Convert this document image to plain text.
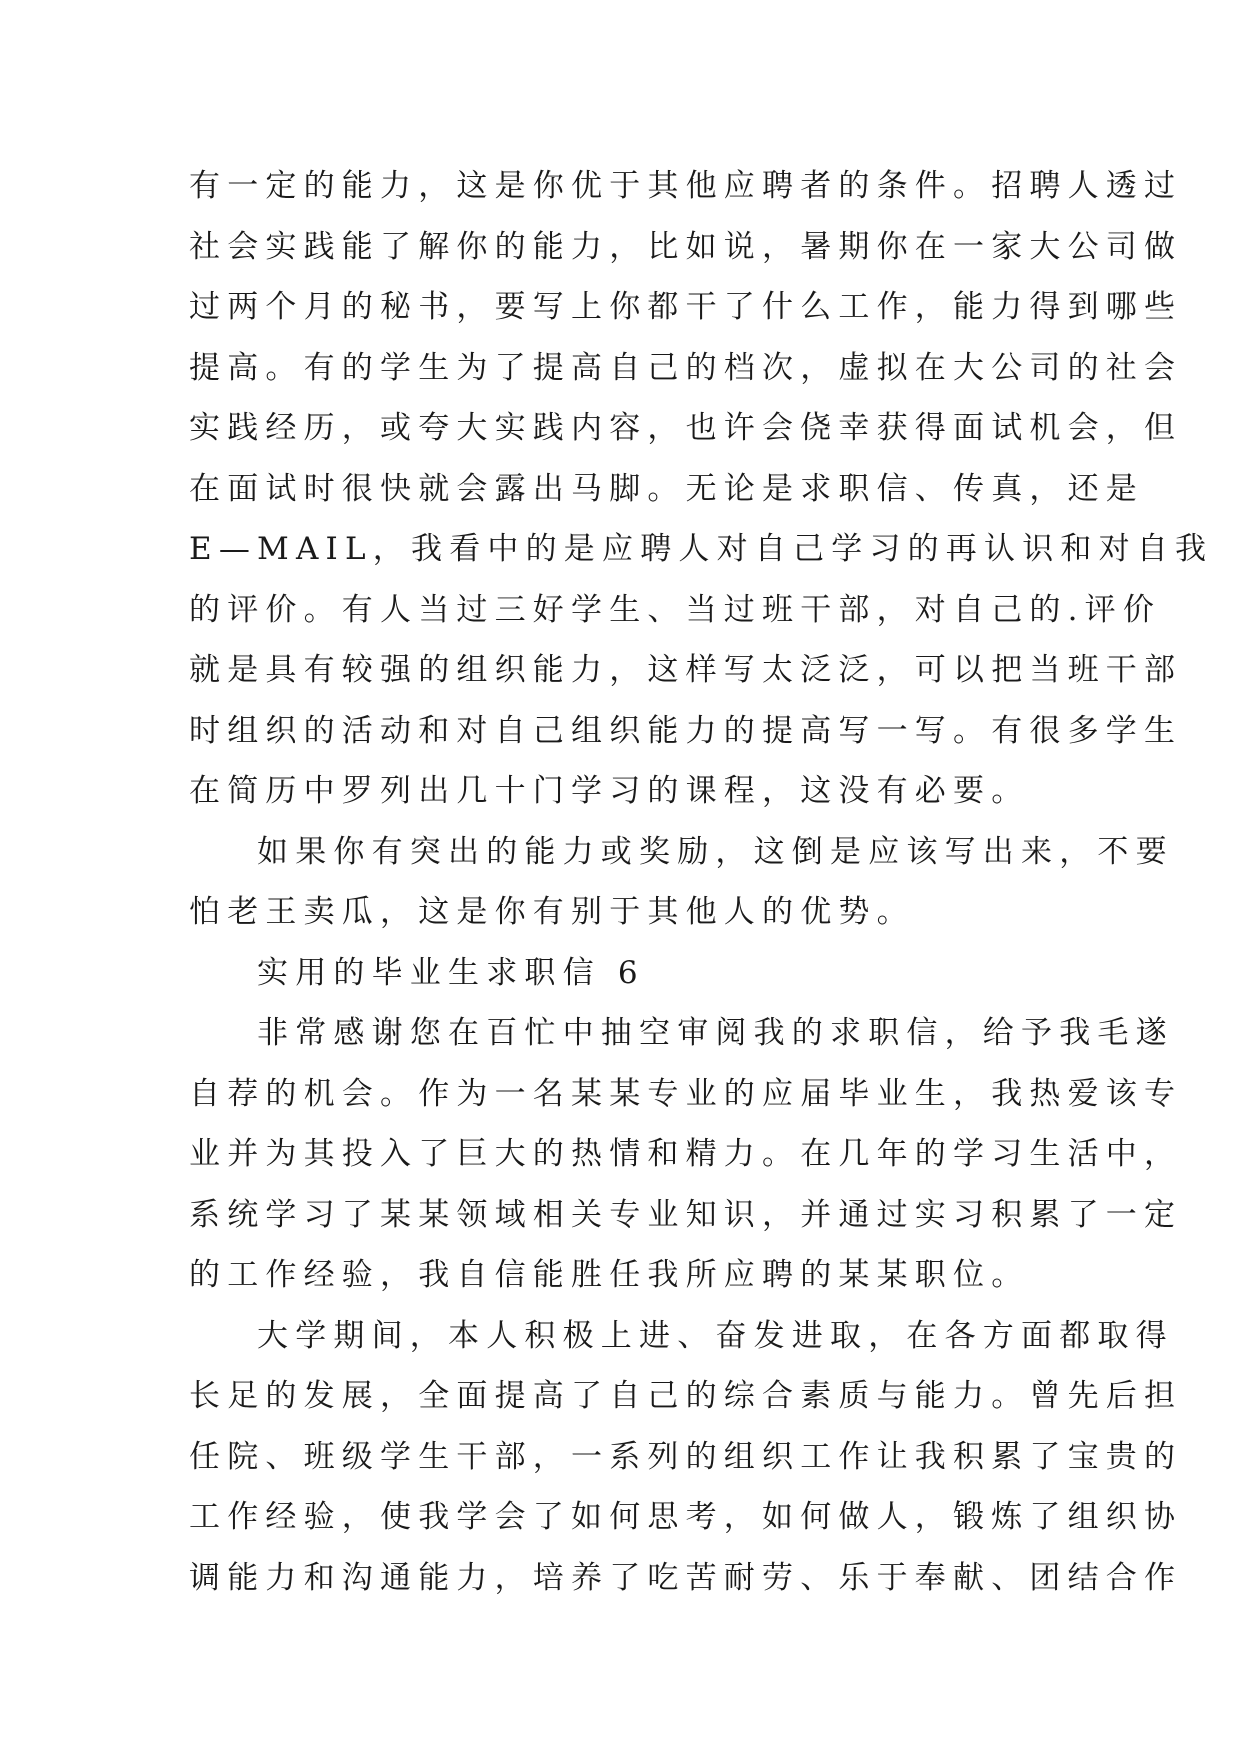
有一定的能力，这是你优于其他应聘者的条件。招聘人透过
社会实践能了解你的能力，比如说，暑期你在一家大公司做
过两个月的秘书，要写上你都干了什么工作，能力得到哪些
提高。有的学生为了提高自己的档次，虚拟在大公司的社会
实践经历，或夸大实践内容，也许会侥幸获得面试机会，但
在面试时很快就会露出马脚。无论是求职信、传真，还是
E—MAIL，我看中的是应聘人对自己学习的再认识和对自我
的评价。有人当过三好学生、当过班干部，对自己的.评价
就是具有较强的组织能力，这样写太泛泛，可以把当班干部
时组织的活动和对自己组织能力的提高写一写。有很多学生
在简历中罗列出几十门学习的课程，这没有必要。
如果你有突出的能力或奖励，这倒是应该写出来，不要
怕老王卖瓜，这是你有别于其他人的优势。
实用的毕业生求职信 6
非常感谢您在百忙中抽空审阅我的求职信，给予我毛遂
自荐的机会。作为一名某某专业的应届毕业生，我热爱该专
业并为其投入了巨大的热情和精力。在几年的学习生活中，
系统学习了某某领域相关专业知识，并通过实习积累了一定
的工作经验，我自信能胜任我所应聘的某某职位。
大学期间，本人积极上进、奋发进取，在各方面都取得
长足的发展，全面提高了自己的综合素质与能力。曾先后担
任院、班级学生干部，一系列的组织工作让我积累了宝贵的
工作经验，使我学会了如何思考，如何做人，锻炼了组织协
调能力和沟通能力，培养了吃苦耐劳、乐于奉献、团结合作
